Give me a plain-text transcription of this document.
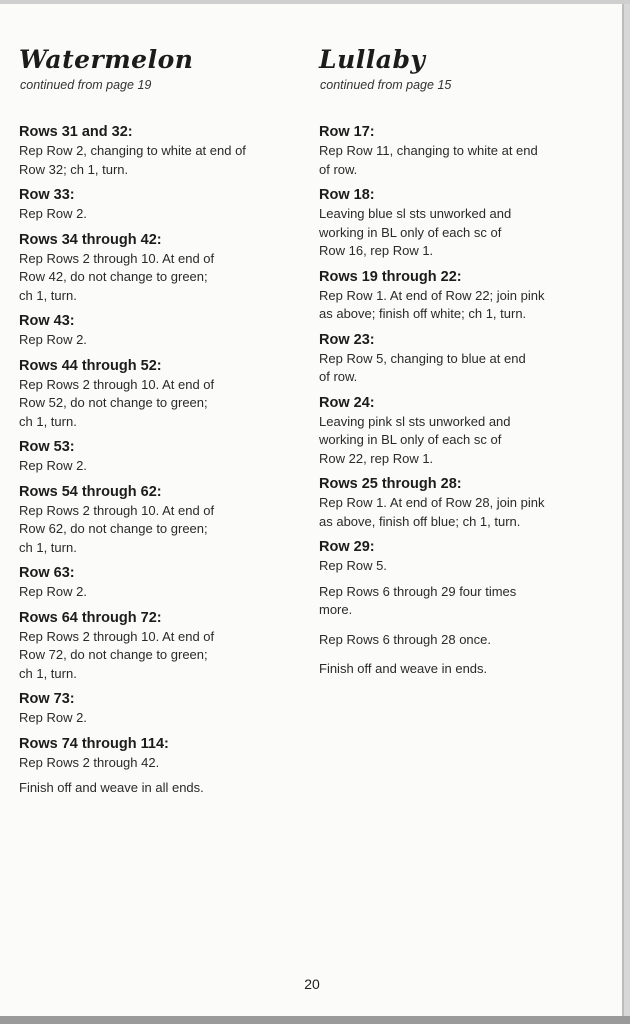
Watermelon
continued from page 19
Rows 31 and 32:
Rep Row 2, changing to white at end of
Row 32; ch 1, turn.
Row 33:
Rep Row 2.
Rows 34 through 42:
Rep Rows 2 through 10. At end of
Row 42, do not change to green;
ch 1, turn.
Row 43:
Rep Row 2.
Rows 44 through 52:
Rep Rows 2 through 10. At end of
Row 52, do not change to green;
ch 1, turn.
Row 53:
Rep Row 2.
Rows 54 through 62:
Rep Rows 2 through 10. At end of
Row 62, do not change to green;
ch 1, turn.
Row 63:
Rep Row 2.
Rows 64 through 72:
Rep Rows 2 through 10. At end of
Row 72, do not change to green;
ch 1, turn.
Row 73:
Rep Row 2.
Rows 74 through 114:
Rep Rows 2 through 42.
Finish off and weave in all ends.
Lullaby
continued from page 15
Row 17:
Rep Row 11, changing to white at end
of row.
Row 18:
Leaving blue sl sts unworked and
working in BL only of each sc of
Row 16, rep Row 1.
Rows 19 through 22:
Rep Row 1. At end of Row 22; join pink
as above; finish off white; ch 1, turn.
Row 23:
Rep Row 5, changing to blue at end
of row.
Row 24:
Leaving pink sl sts unworked and
working in BL only of each sc of
Row 22, rep Row 1.
Rows 25 through 28:
Rep Row 1. At end of Row 28, join pink
as above, finish off blue; ch 1, turn.
Row 29:
Rep Row 5.
Rep Rows 6 through 29 four times
more.
Rep Rows 6 through 28 once.
Finish off and weave in ends.
20
